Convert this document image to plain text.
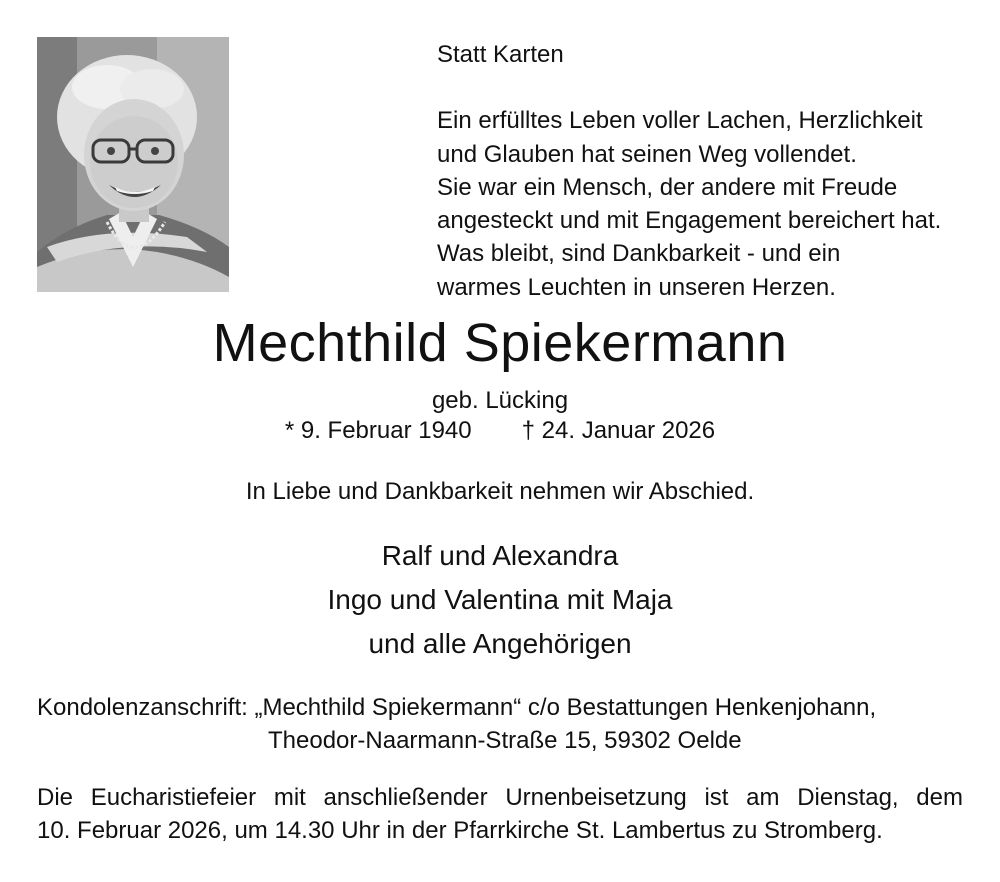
Statt Karten
Ein erfülltes Leben voller Lachen, Herzlichkeit
und Glauben hat seinen Weg vollendet.
Sie war ein Mensch, der andere mit Freude
angesteckt und mit Engagement bereichert hat.
Was bleibt, sind Dankbarkeit - und ein
warmes Leuchten in unseren Herzen.
Mechthild Spiekermann
geb. Lücking
* 9. Februar 1940 † 24. Januar 2026
In Liebe und Dankbarkeit nehmen wir Abschied.
Ralf und Alexandra
Ingo und Valentina mit Maja
und alle Angehörigen
Kondolenzanschrift: „Mechthild Spiekermann“ c/o Bestattungen Henkenjohann,
Theodor-Naarmann-Straße 15, 59302 Oelde
Die Eucharistiefeier mit anschließender Urnenbeisetzung ist am Dienstag, dem
10. Februar 2026, um 14.30 Uhr in der Pfarrkirche St. Lambertus zu Stromberg.
